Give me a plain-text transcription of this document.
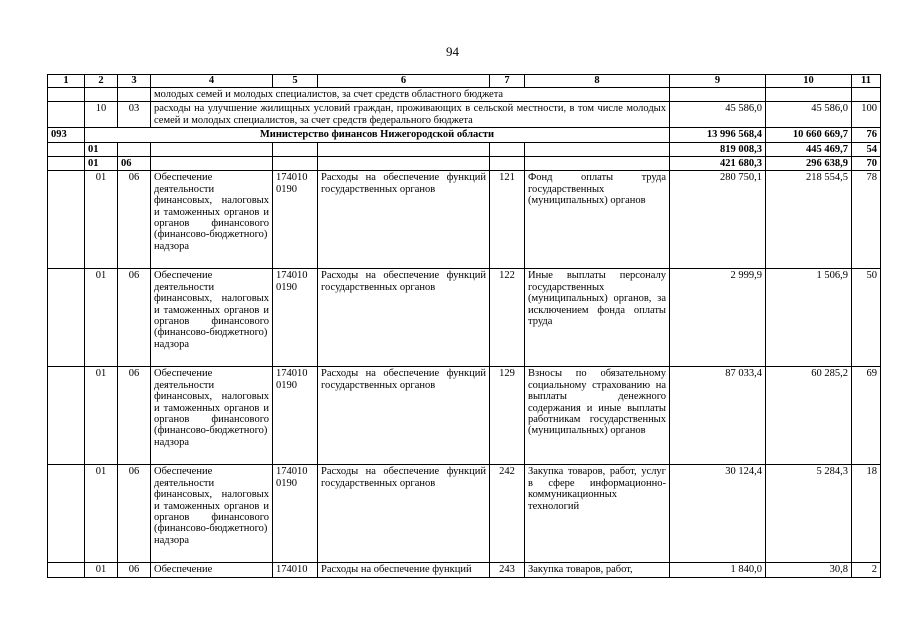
94
1	2	3	4	5	6	7	8	9	10	11
			молодых семей и молодых специалистов, за счет средств областного бюджета							
	10	03	расходы на улучшение жилищных условий граждан, проживающих в сельской местности, в том числе молодых семей и молодых специалистов, за счет средств федерального бюджета					45 586,0	45 586,0	100
093	Министерство финансов Нижегородской области							13 996 568,4	10 660 669,7	76
	01							819 008,3	445 469,7	54
	01	06						421 680,3	296 638,9	70
	01	06	Обеспечение деятельности финансовых, налоговых и таможенных органов и органов финансового (финансово-бюджетного) надзора	174010 0190	Расходы на обеспечение функций государственных органов	121	Фонд оплаты труда государственных (муниципальных) органов	280 750,1	218 554,5	78
	01	06	Обеспечение деятельности финансовых, налоговых и таможенных органов и органов финансового (финансово-бюджетного) надзора	174010 0190	Расходы на обеспечение функций государственных органов	122	Иные выплаты персоналу государственных (муниципальных) органов, за исключением фонда оплаты труда	2 999,9	1 506,9	50
	01	06	Обеспечение деятельности финансовых, налоговых и таможенных органов и органов финансового (финансово-бюджетного) надзора	174010 0190	Расходы на обеспечение функций государственных органов	129	Взносы по обязательному социальному страхованию на выплаты денежного содержания и иные выплаты работникам государственных (муниципальных) органов	87 033,4	60 285,2	69
	01	06	Обеспечение деятельности финансовых, налоговых и таможенных органов и органов финансового (финансово-бюджетного) надзора	174010 0190	Расходы на обеспечение функций государственных органов	242	Закупка товаров, работ, услуг в сфере информационно-коммуникационных технологий	30 124,4	5 284,3	18
	01	06	Обеспечение	174010	Расходы на обеспечение функций	243	Закупка товаров, работ,	1 840,0	30,8	2
